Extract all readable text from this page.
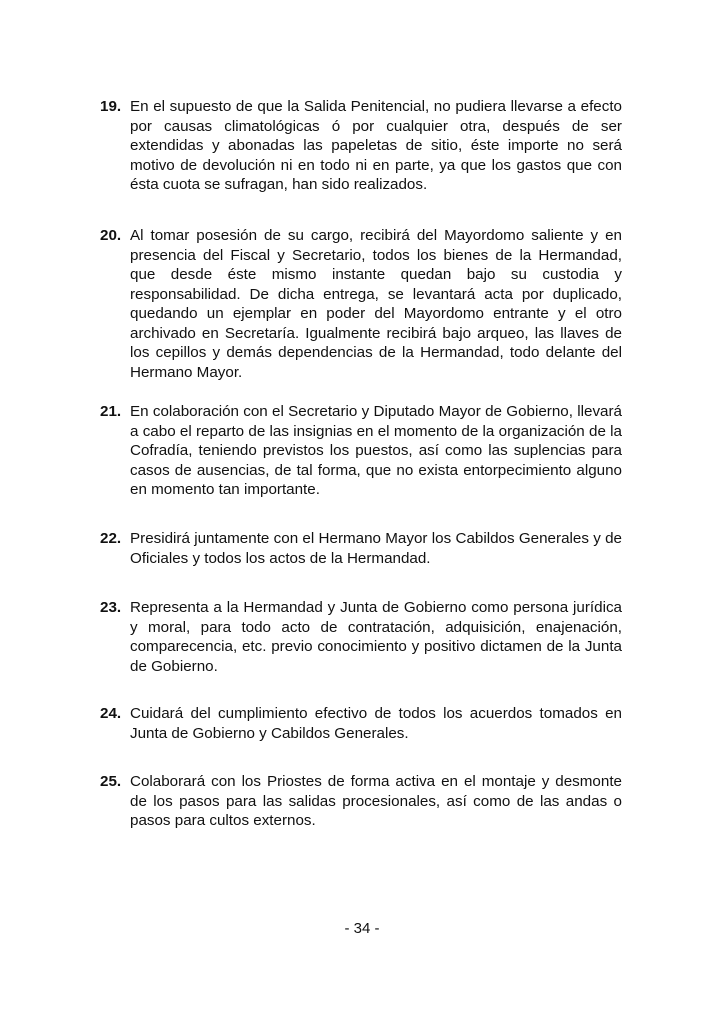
19. En el supuesto de que la Salida Penitencial, no pudiera llevarse a efecto por causas climatológicas ó por cualquier otra, después de ser extendidas y abonadas las papeletas de sitio, éste importe no será motivo de devolución ni en todo ni en parte, ya que los gastos que con ésta cuota se sufragan, han sido realizados.
20. Al tomar posesión de su cargo, recibirá del Mayordomo saliente y en presencia del Fiscal y Secretario, todos los bienes de la Hermandad, que desde éste mismo instante quedan bajo su custodia y responsabilidad. De dicha entrega, se levantará acta por duplicado, quedando un ejemplar en poder del Mayordomo entrante y el otro archivado en Secretaría. Igualmente recibirá bajo arqueo, las llaves de los cepillos y demás dependencias de la Hermandad, todo delante del Hermano Mayor.
21. En colaboración con el Secretario y Diputado Mayor de Gobierno, llevará a cabo el reparto de las insignias en el momento de la organización de la Cofradía, teniendo previstos los puestos, así como las suplencias para casos de ausencias, de tal forma, que no exista entorpecimiento alguno en momento tan importante.
22. Presidirá juntamente con el Hermano Mayor los Cabildos Generales y de Oficiales y todos los actos de la Hermandad.
23. Representa a la Hermandad y Junta de Gobierno como persona jurídica y moral, para todo acto de contratación, adquisición, enajenación, comparecencia, etc. previo conocimiento y positivo dictamen de la Junta de Gobierno.
24. Cuidará del cumplimiento efectivo de todos los acuerdos tomados en Junta de Gobierno y Cabildos Generales.
25. Colaborará con los Priostes de forma activa en el montaje y desmonte de los pasos para las salidas procesionales, así como de las andas o pasos para cultos externos.
- 34 -
